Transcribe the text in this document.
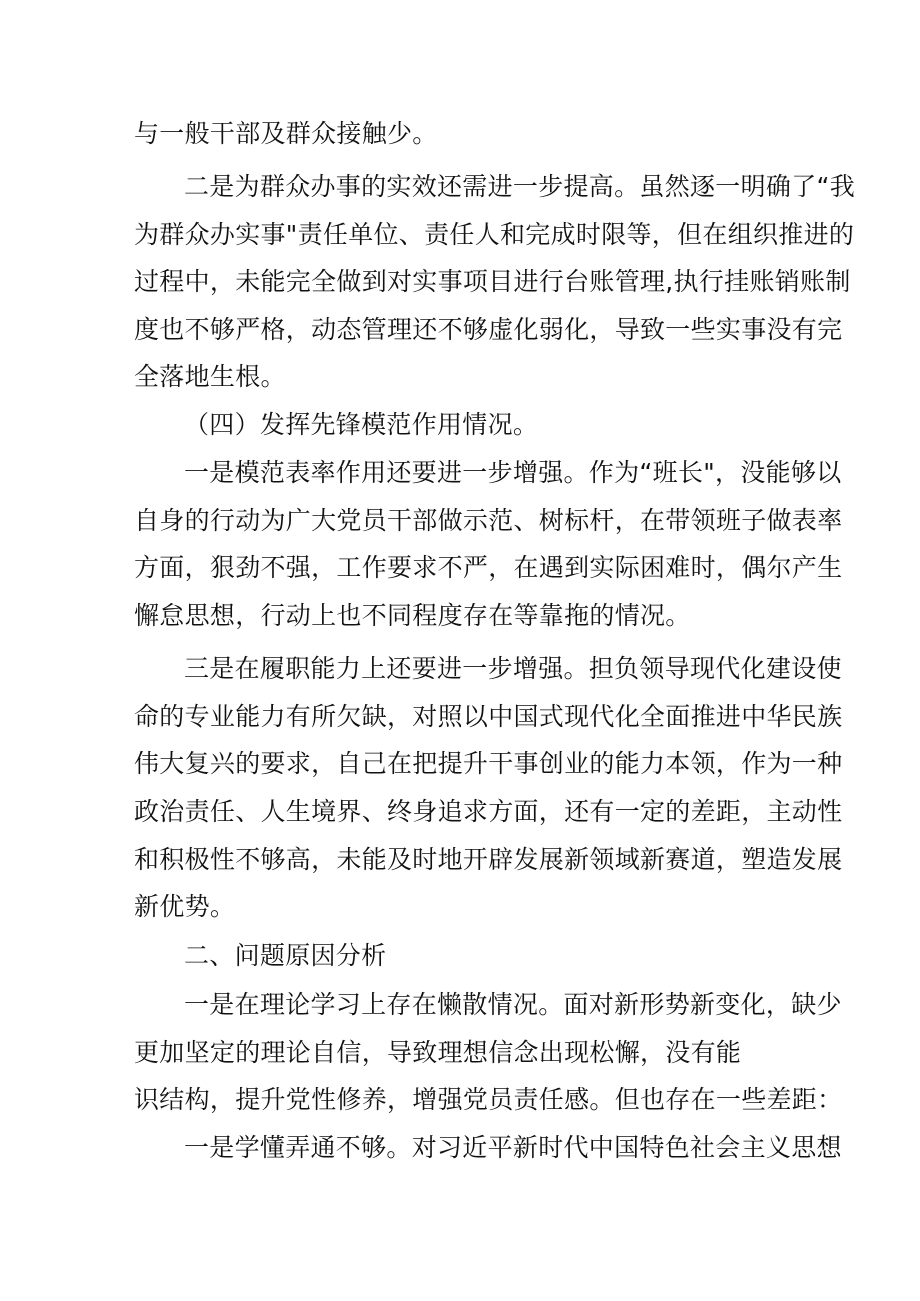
与一般干部及群众接触少。
二是为群众办事的实效还需进一步提高。虽然逐一明确了“我
为群众办实事"责任单位、责任人和完成时限等，但在组织推进的
过程中，未能完全做到对实事项目进行台账管理,执行挂账销账制
度也不够严格，动态管理还不够虚化弱化，导致一些实事没有完
全落地生根。
（四）发挥先锋模范作用情况。
一是模范表率作用还要进一步增强。作为“班长"，没能够以
自身的行动为广大党员干部做示范、树标杆，在带领班子做表率
方面，狠劲不强，工作要求不严，在遇到实际困难时，偶尔产生
懈怠思想，行动上也不同程度存在等靠拖的情况。
三是在履职能力上还要进一步增强。担负领导现代化建设使
命的专业能力有所欠缺，对照以中国式现代化全面推进中华民族
伟大复兴的要求，自己在把提升干事创业的能力本领，作为一种
政治责任、人生境界、终身追求方面，还有一定的差距，主动性
和积极性不够高，未能及时地开辟发展新领域新赛道，塑造发展
新优势。
二、问题原因分析
一是在理论学习上存在懒散情况。面对新形势新变化，缺少
更加坚定的理论自信，导致理想信念出现松懈，没有能
识结构，提升党性修养，增强党员责任感。但也存在一些差距：
一是学懂弄通不够。对习近平新时代中国特色社会主义思想
